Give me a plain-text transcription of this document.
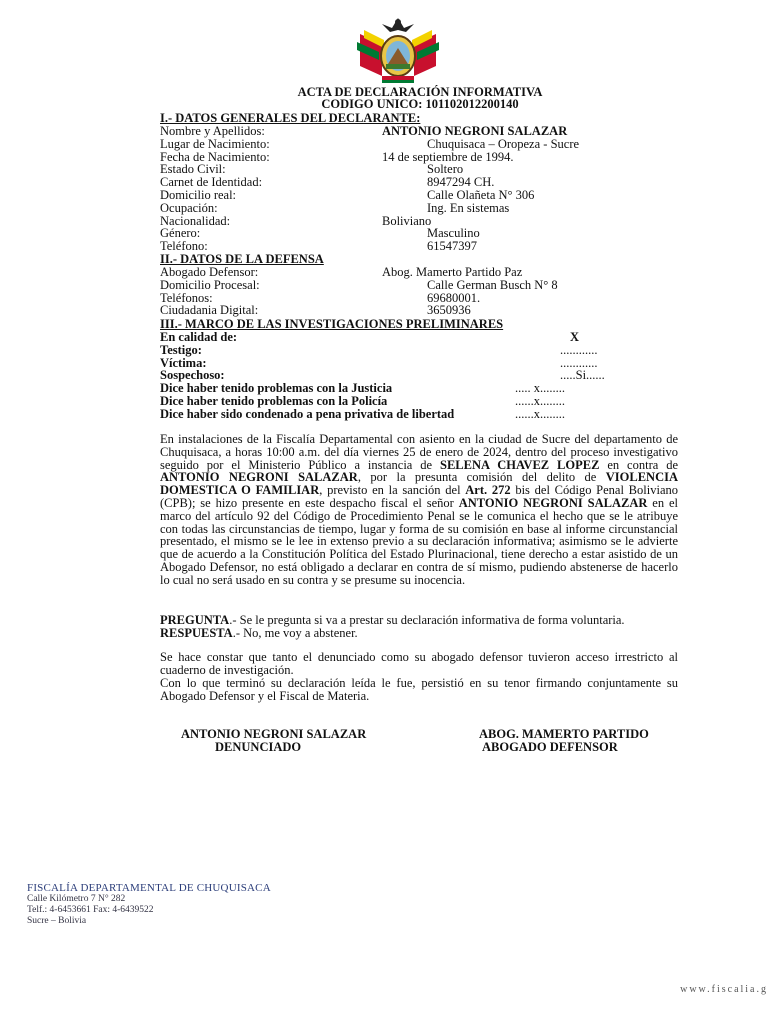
ACTA DE DECLARACIÓN INFORMATIVA
CODIGO UNICO: 101102012200140
I.- DATOS GENERALES DEL DECLARANTE:
Nombre y Apellidos:	ANTONIO NEGRONI SALAZAR
Lugar de Nacimiento:	Chuquisaca – Oropeza - Sucre
Fecha de Nacimiento:	14 de septiembre de 1994.
Estado Civil:	Soltero
Carnet de Identidad:	8947294 CH.
Domicilio real:	Calle Olañeta N° 306
Ocupación:	Ing. En sistemas
Nacionalidad:	Boliviano
Género:	Masculino
Teléfono:	61547397
II.- DATOS DE LA DEFENSA
Abogado Defensor:	Abog. Mamerto Partido Paz
Domicilio Procesal:	Calle German Busch N° 8
Teléfonos:	69680001.
Ciudadania Digital:	3650936
III.- MARCO DE LAS INVESTIGACIONES PRELIMINARES
En calidad de:	X
Testigo:	............
Víctima:	............
Sospechoso:	.....Si......
Dice haber tenido problemas con la Justicia	..... x........
Dice haber tenido problemas con la Policía	......x........
Dice haber sido condenado a pena privativa de libertad	......x........
En instalaciones de la Fiscalía Departamental con asiento en la ciudad de Sucre del departamento de Chuquisaca, a horas 10:00 a.m. del día viernes 25 de enero de 2024, dentro del proceso investigativo seguido por el Ministerio Público a instancia de SELENA CHAVEZ LOPEZ en contra de ANTONIO NEGRONI SALAZAR, por la presunta comisión del delito de VIOLENCIA DOMESTICA O FAMILIAR, previsto en la sanción del Art. 272 bis del Código Penal Boliviano (CPB); se hizo presente en este despacho fiscal el señor ANTONIO NEGRONI SALAZAR en el marco del artículo 92 del Código de Procedimiento Penal se le comunica el hecho que se le atribuye con todas las circunstancias de tiempo, lugar y forma de su comisión en base al informe circunstancial presentado, el mismo se le lee in extenso previo a su declaración informativa; asimismo se le advierte que de acuerdo a la Constitución Política del Estado Plurinacional, tiene derecho a estar asistido de un Abogado Defensor, no está obligado a declarar en contra de sí mismo, pudiendo abstenerse de hacerlo lo cual no será usado en su contra y se presume su inocencia.
PREGUNTA.- Se le pregunta si va a prestar su declaración informativa de forma voluntaria.
RESPUESTA.- No, me voy a abstener.
Se hace constar que tanto el denunciado como su abogado defensor tuvieron acceso irrestricto al cuaderno de investigación.
Con lo que terminó su declaración leída le fue, persistió en su tenor firmando conjuntamente su Abogado Defensor y el Fiscal de Materia.
ANTONIO NEGRONI SALAZAR
DENUNCIADO
ABOG. MAMERTO PARTIDO
ABOGADO DEFENSOR
FISCALÍA DEPARTAMENTAL DE CHUQUISACA
Calle Kilómetro 7 N° 282
Telf.: 4-6453661 Fax: 4-6439522
Sucre – Bolivia
www.fiscalia.g
